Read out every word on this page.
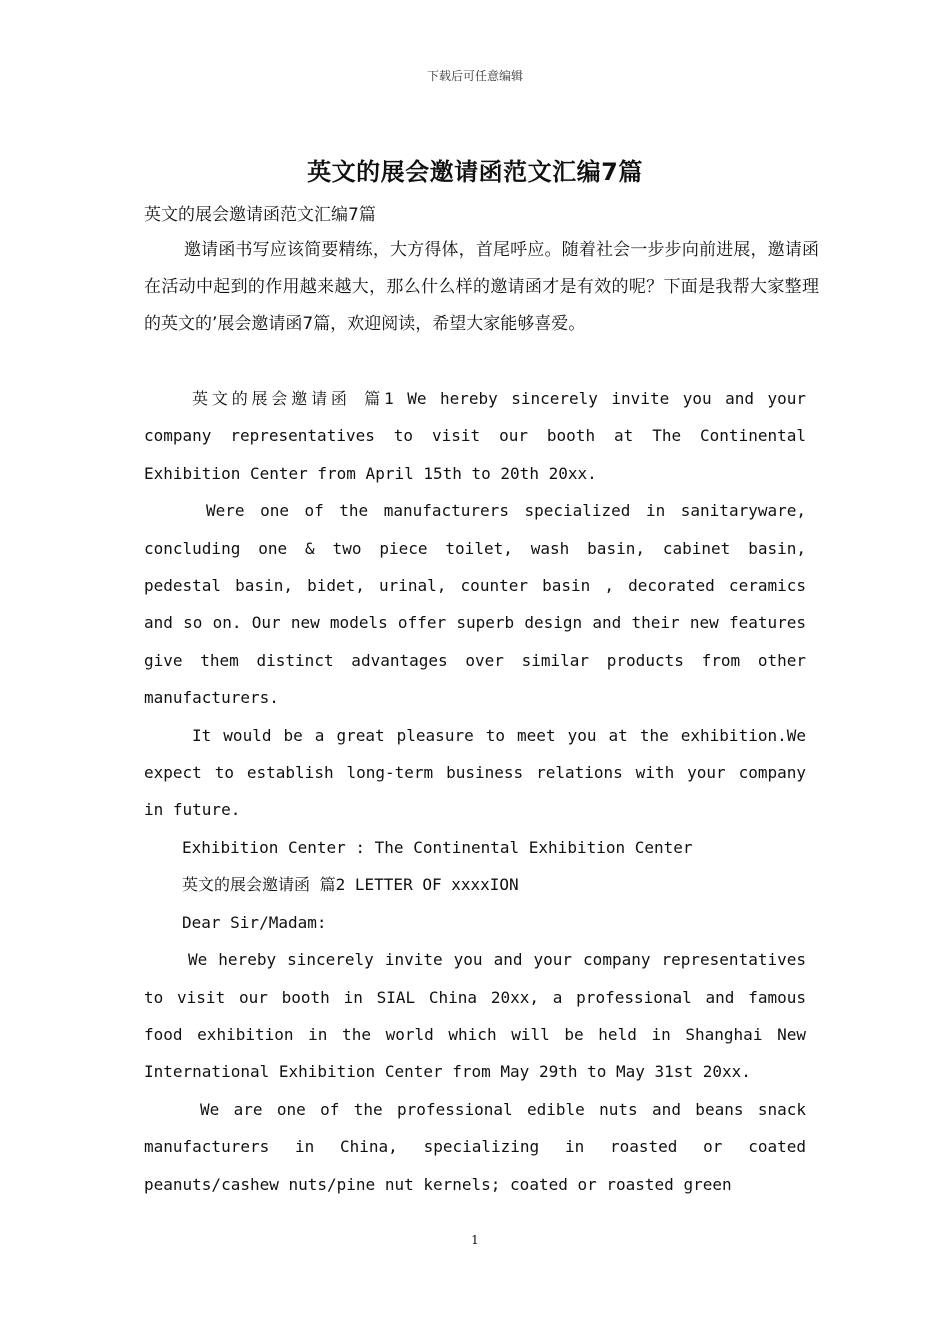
下载后可任意编辑
英文的展会邀请函范文汇编7篇
英文的展会邀请函范文汇编7篇

邀请函书写应该简要精练，大方得体，首尾呼应。随着社会一步步向前进展，邀请函在活动中起到的作用越来越大，那么什么样的邀请函才是有效的呢？下面是我帮大家整理的英文的’展会邀请函7篇，欢迎阅读，希望大家能够喜爱。

英文的展会邀请函 篇1 We hereby sincerely invite you and your company representatives to visit our booth at The Continental Exhibition Center from April 15th to 20th 20xx.

Were one of the manufacturers specialized in sanitaryware, concluding one & two piece toilet, wash basin, cabinet basin, pedestal basin, bidet, urinal, counter basin , decorated ceramics and so on. Our new models offer superb design and their new features give them distinct advantages over similar products from other manufacturers.

It would be a great pleasure to meet you at the exhibition.We expect to establish long-term business relations with your company in future.

Exhibition Center : The Continental Exhibition Center

英文的展会邀请函 篇2 LETTER OF xxxxION

Dear Sir/Madam:

We hereby sincerely invite you and your company representatives to visit our booth in SIAL China 20xx, a professional and famous food exhibition in the world which will be held in Shanghai New International Exhibition Center from May 29th to May 31st 20xx.

We are one of the professional edible nuts and beans snack manufacturers in China, specializing in roasted or coated peanuts/cashew nuts/pine nut kernels; coated or roasted green

1
